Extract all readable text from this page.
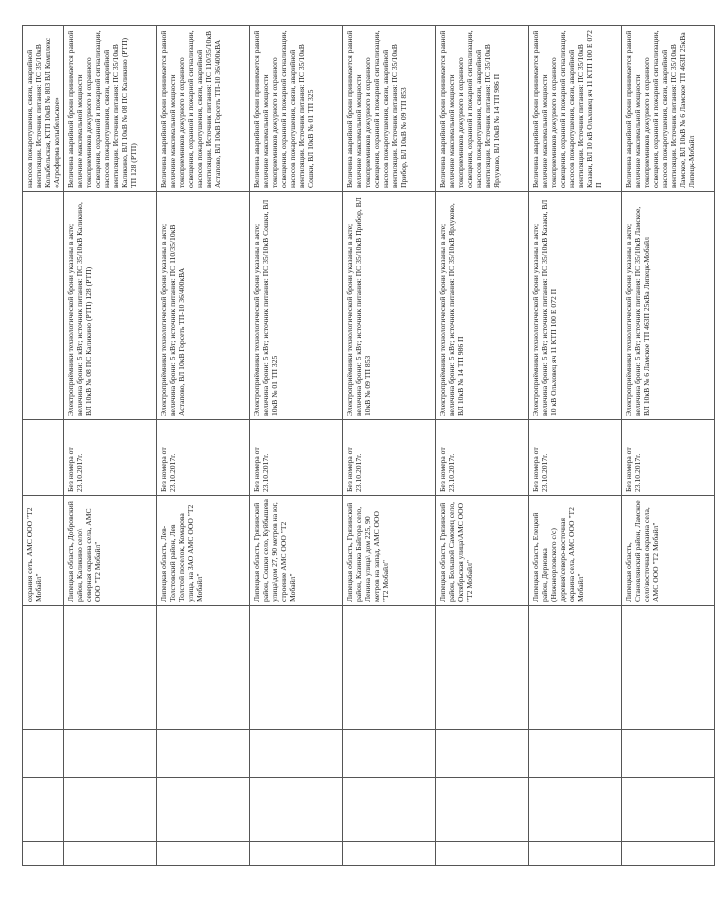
				охрания сеть. АМС ООО "Т2 Мобайл"			насосов пожаротушения, связи, аварийной вентиляции. Источник питания: ПС 35/10кВ Колыбельская, КТП 10кВ № 803 ВЛ Комплекс «Агрофирма колыбельское»
				Липецкая область, Добровский район, Каликино село\ северная окраина села, АМС ООО "Т2 Мобайл"	Без номера от 23.10.2017г.	Электроприёмники технологической брони указаны в акте; величина брони: 5 кВт; источник питания: ПС 35/10кВ Каликино, ВЛ 10кВ № 08 ПС Каликино (РТП) 128 (РТП)	Величина аварийной брони принимается равной величине максимальной мощности токоприемников дежурного и охранного освещения, охранной и пожарной сигнализации, насосов пожаротушения, связи, аварийной вентиляции. Источник питания: ПС 35/10кВ Каликино, ВЛ 10кВ № 08 ПС Каликино (РТП) ТП 128 (РТП)
				Липецкая область, Лев-Толстовский район, Лев Толстой поселок, Комарова улица, на ЗАО АМС ООО "Т2 Мобайл"	Без номера от 23.10.2017г.	Электроприёмники технологической брони указаны в акте; величина брони: 5 кВт; источник питания: ПС 110/35/10кВ Астапово, ВЛ 10кВ Горсеть ТП-10 36/400кВА	Величина аварийной брони принимается равной величине максимальной мощности токоприемников дежурного и охранного освещения, охранной и пожарной сигнализации, насосов пожаротушения, связи, аварийной вентиляции. Источник питания: ПС 110/35/10кВ Астапово, ВЛ 10кВ Горсеть ТП-10 36/400кВА
				Липецкая область, Грязинский район, Сошки село, Куйбышева улица\дом 27, 90 метров на юг, строение АМС ООО "Т2 Мобайл"	Без номера от 23.10.2017г.	Электроприёмники технологической брони указаны в акте; величина брони: 5 кВт; источник питания: ПС 35/10кВ Сошки, ВЛ 10кВ № 01 ТП 325	Величина аварийной брони принимается равной величине максимальной мощности токоприемников дежурного и охранного освещения, охранной и пожарной сигнализации, насосов пожаротушения, связи, аварийной вентиляции. Источник питания: ПС 35/10кВ Сошки, ВЛ 10кВ № 01 ТП 325
				Липецкая область, Грязинский район, Казинка Байгора село, Ленина улица\ дом 225, 90 метров на запад, АМС ООО "Т2 Мобайл"	Без номера от 23.10.2017г.	Электроприёмники технологической брони указаны в акте; величина брони: 5 кВт; источник питания: ПС 35/10кВ Прибор, ВЛ 10кВ № 09 ТП 853	Величина аварийной брони принимается равной величине максимальной мощности токоприемников дежурного и охранного освещения, охранной и пожарной сигнализации, насосов пожаротушения, связи, аварийной вентиляции. Источник питания: ПС 35/10кВ Прибор, ВЛ 10кВ № 09 ТП 853
				Липецкая область, Грязинский район, Большой Самовец село, Октябрьская улица\АМС ООО "Т2 Мобайл"	Без номера от 23.10.2017г.	Электроприёмники технологической брони указаны в акте; величина брони: 5 кВт; источник питания: ПС 35/10кВ Ярлуково, ВЛ 10кВ № 14 ТП 986 П	Величина аварийной брони принимается равной величине максимальной мощности токоприемников дежурного и охранного освещения, охранной и пожарной сигнализации, насосов пожаротушения, связи, аварийной вентиляции. Источник питания: ПС 35/10кВ Ярлуково, ВЛ 10кВ № 14 ТП 986 П
				Липецкая область, Елецкий район, Дерновка (Нижнеорловского с/с) деревня\северо-восточная окраина села, АМС ООО "Т2 Мобайл"	Без номера от 23.10.2017г.	Электроприёмники технологической брони указаны в акте; величина брони: 5 кВт; источник питания: ПС 35/10кВ Казаки, ВЛ 10 кВ Ольховец яч 11 КТП 100 Е 072 П	Величина аварийной брони принимается равной величине максимальной мощности токоприемников дежурного и охранного освещения, охранной и пожарной сигнализации, насосов пожаротушения, связи, аварийной вентиляции. Источник питания: ПС 35/10кВ Казаки, ВЛ 10 кВ Ольховец яч 11 КТП 100 Е 072 П
				Липецкая область, Становлянский район, Ламское село\восточная окраина села, АМС ООО "Т2 Мобайл"	Без номера от 23.10.2017г.	Электроприёмники технологической брони указаны в акте; величина брони: 5 кВт; источник питания: ПС 35/10кВ Ламское, ВЛ 10кВ № 6 Ламское ТП 463П 25кВа Липецк-Мобайл	Величина аварийной брони принимается равной величине максимальной мощности токоприемников дежурного и охранного освещения, охранной и пожарной сигнализации, насосов пожаротушения, связи, аварийной вентиляции. Источник питания: ПС 35/10кВ Ламское, ВЛ 10кВ № 6 Ламское ТП 463П 25кВа Липецк-Мобайл
